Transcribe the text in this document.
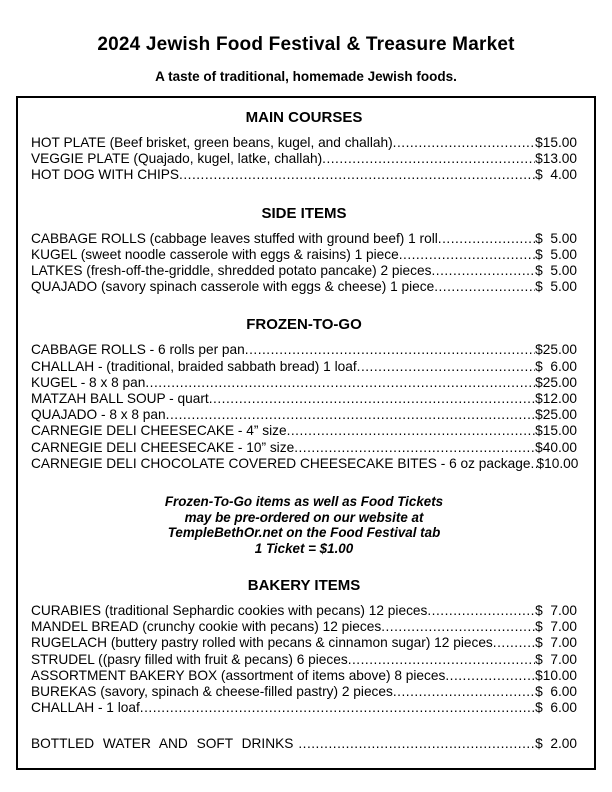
2024 Jewish Food Festival & Treasure Market
A taste of traditional, homemade Jewish foods.
MAIN COURSES
HOT PLATE (Beef brisket, green beans, kugel, and challah) .....	$15.00
VEGGIE PLATE (Quajado, kugel, latke, challah) .....	$13.00
HOT DOG WITH CHIPS .....	$  4.00
SIDE ITEMS
CABBAGE ROLLS (cabbage leaves stuffed with ground beef) 1 roll .....	$  5.00
KUGEL (sweet noodle casserole with eggs & raisins) 1 piece .....	$  5.00
LATKES (fresh-off-the-griddle, shredded potato pancake) 2 pieces .....	$  5.00
QUAJADO (savory spinach casserole with eggs & cheese) 1 piece .....	$  5.00
FROZEN-TO-GO
CABBAGE ROLLS - 6 rolls per pan .....	$25.00
CHALLAH - (traditional, braided sabbath bread) 1 loaf .....	$  6.00
KUGEL - 8 x 8 pan .....	$25.00
MATZAH BALL SOUP - quart .....	$12.00
QUAJADO - 8 x 8 pan .....	$25.00
CARNEGIE DELI CHEESECAKE - 4” size .....	$15.00
CARNEGIE DELI CHEESECAKE - 10” size .....	$40.00
CARNEGIE DELI CHOCOLATE COVERED CHEESECAKE BITES - 6 oz package ..... $10.00
Frozen-To-Go items as well as Food Tickets
may be pre-ordered on our website at
TempleBethOr.net on the Food Festival tab
1 Ticket = $1.00
BAKERY ITEMS
CURABIES (traditional Sephardic cookies with pecans) 12 pieces .....	$  7.00
MANDEL BREAD (crunchy cookie with pecans) 12 pieces .....	$  7.00
RUGELACH (buttery pastry rolled with pecans & cinnamon sugar) 12 pieces .....	$  7.00
STRUDEL ((pasry filled with fruit & pecans) 6 pieces .....	$  7.00
ASSORTMENT BAKERY BOX (assortment of items above) 8 pieces .....	$10.00
BUREKAS (savory, spinach & cheese-filled pastry) 2 pieces .....	$  6.00
CHALLAH - 1 loaf .....	$  6.00
BOTTLED WATER AND SOFT DRINKS .....	$  2.00
